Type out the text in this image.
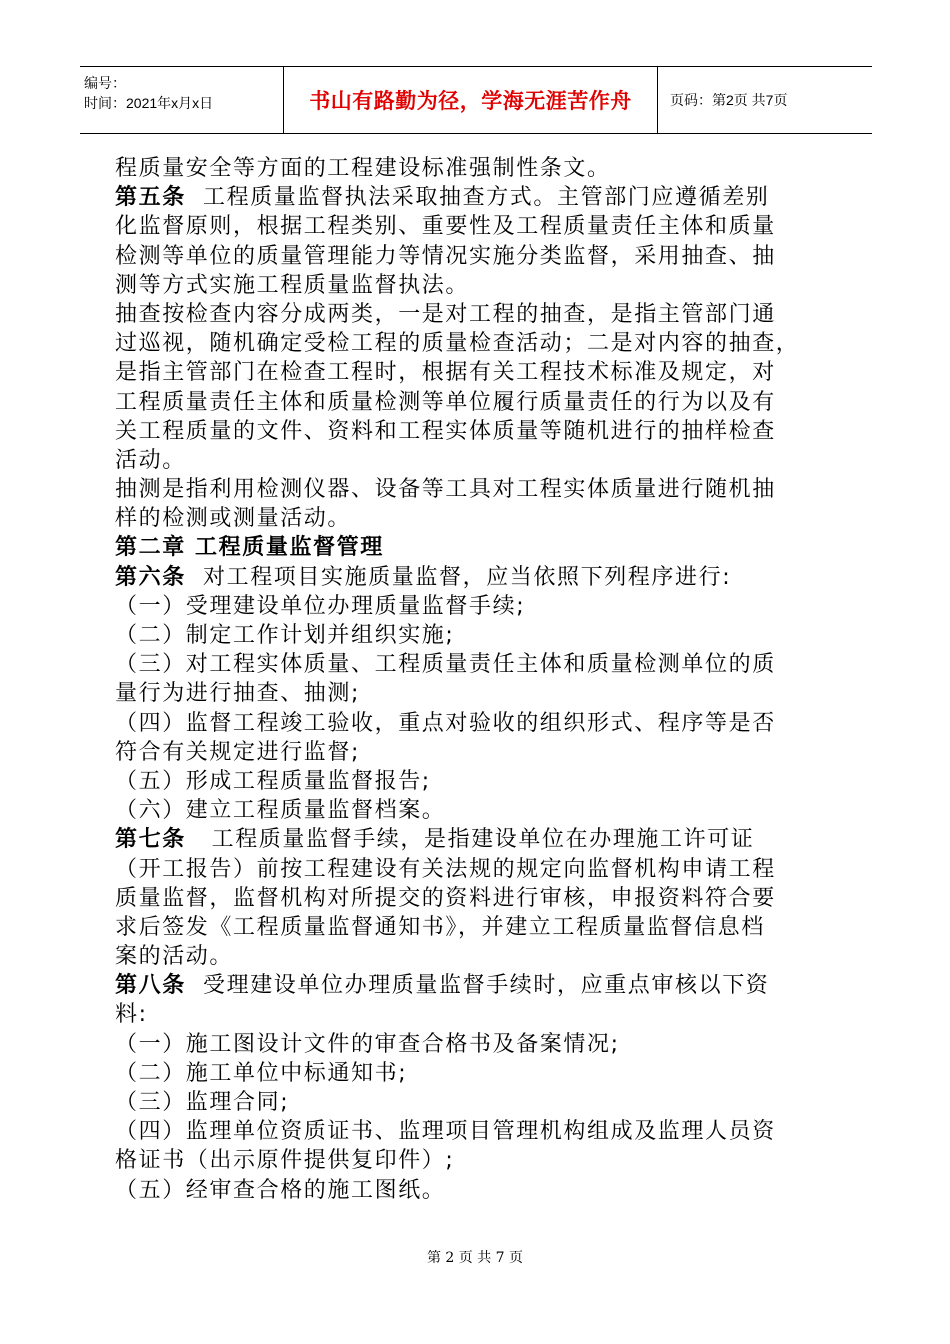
编号：
时间：2021年x月x日	书山有路勤为径，学海无涯苦作舟	页码：第2页 共7页
程质量安全等方面的工程建设标准强制性条文。
第五条  工程质量监督执法采取抽查方式。主管部门应遵循差别
化监督原则，根据工程类别、重要性及工程质量责任主体和质量
检测等单位的质量管理能力等情况实施分类监督，采用抽查、抽
测等方式实施工程质量监督执法。
抽查按检查内容分成两类，一是对工程的抽查，是指主管部门通
过巡视，随机确定受检工程的质量检查活动；二是对内容的抽查，
是指主管部门在检查工程时，根据有关工程技术标准及规定，对
工程质量责任主体和质量检测等单位履行质量责任的行为以及有
关工程质量的文件、资料和工程实体质量等随机进行的抽样检查
活动。
抽测是指利用检测仪器、设备等工具对工程实体质量进行随机抽
样的检测或测量活动。
第二章 工程质量监督管理
第六条  对工程项目实施质量监督，应当依照下列程序进行:
（一）受理建设单位办理质量监督手续;
（二）制定工作计划并组织实施;
（三）对工程实体质量、工程质量责任主体和质量检测单位的质
量行为进行抽查、抽测;
（四）监督工程竣工验收，重点对验收的组织形式、程序等是否
符合有关规定进行监督;
（五）形成工程质量监督报告;
（六）建立工程质量监督档案。
第七条   工程质量监督手续，是指建设单位在办理施工许可证
（开工报告）前按工程建设有关法规的规定向监督机构申请工程
质量监督，监督机构对所提交的资料进行审核，申报资料符合要
求后签发《工程质量监督通知书》，并建立工程质量监督信息档
案的活动。
第八条  受理建设单位办理质量监督手续时，应重点审核以下资
料:
（一）施工图设计文件的审查合格书及备案情况;
（二）施工单位中标通知书;
（三）监理合同;
（四）监理单位资质证书、监理项目管理机构组成及监理人员资
格证书（出示原件提供复印件）;
（五）经审查合格的施工图纸。
第 2 页 共 7 页
